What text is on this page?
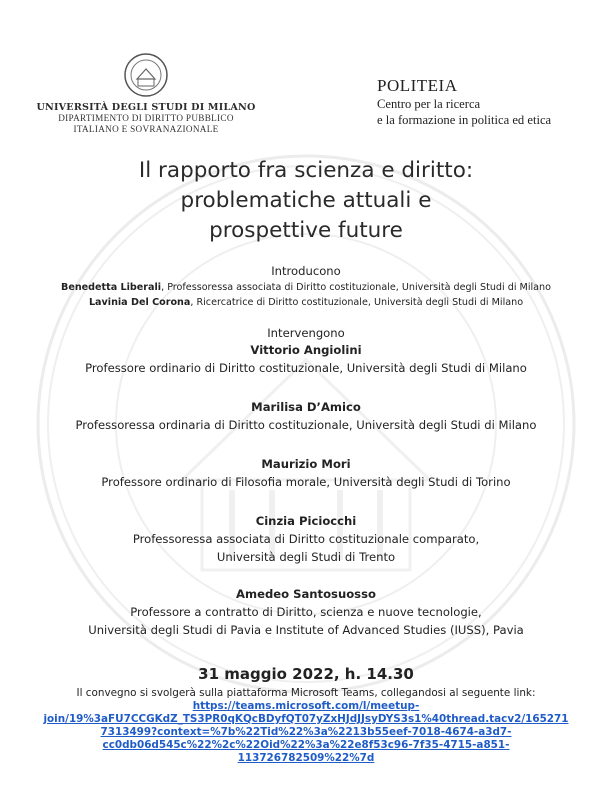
UNIVERSITÀ DEGLI STUDI DI MILANO
DIPARTIMENTO DI DIRITTO PUBBLICO
ITALIANO E SOVRANAZIONALE
POLITEIA
Centro per la ricerca
e la formazione in politica ed etica
Il rapporto fra scienza e diritto:
problematiche attuali e
prospettive future
Introducono
Benedetta Liberali, Professoressa associata di Diritto costituzionale, Università degli Studi di Milano
Lavinia Del Corona, Ricercatrice di Diritto costituzionale, Università degli Studi di Milano
Intervengono
Vittorio Angiolini
Professore ordinario di Diritto costituzionale, Università degli Studi di Milano
Marilisa D’Amico
Professoressa ordinaria di Diritto costituzionale, Università degli Studi di Milano
Maurizio Mori
Professore ordinario di Filosofia morale, Università degli Studi di Torino
Cinzia Piciocchi
Professoressa associata di Diritto costituzionale comparato,
Università degli Studi di Trento
Amedeo Santosuosso
Professore a contratto di Diritto, scienza e nuove tecnologie,
Università degli Studi di Pavia e Institute of Advanced Studies (IUSS), Pavia
31 maggio 2022, h. 14.30
Il convegno si svolgerà sulla piattaforma Microsoft Teams, collegandosi al seguente link:
https://teams.microsoft.com/l/meetup-
join/19%3aFU7CCGKdZ_TS3PR0qKQcBDyfQT07yZxHJdJJsyDYS3s1%40thread.tacv2/165271
7313499?context=%7b%22Tid%22%3a%2213b55eef-7018-4674-a3d7-
cc0db06d545c%22%2c%22Oid%22%3a%22e8f53c96-7f35-4715-a851-
113726782509%22%7d
